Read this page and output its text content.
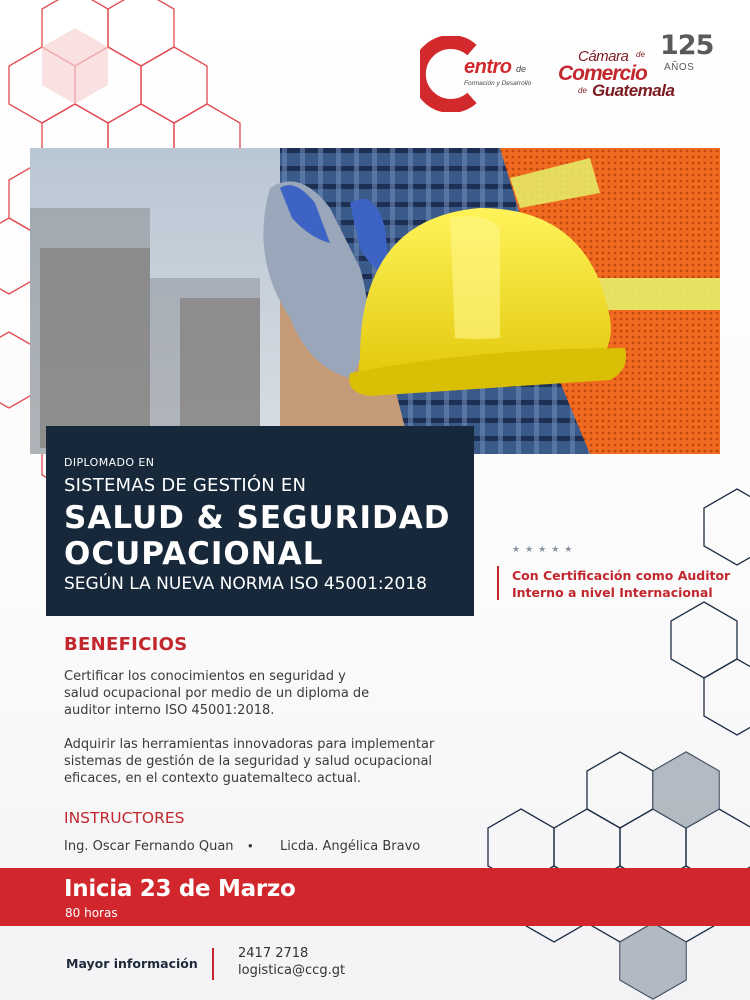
entro de
Formación y Desarrollo
Cámara de
Comercio
de Guatemala
125
AÑOS
DIPLOMADO EN
SISTEMAS DE GESTIÓN EN
SALUD & SEGURIDAD
OCUPACIONAL
SEGÚN LA NUEVA NORMA ISO 45001:2018
★★★★★
Con Certificación como Auditor
Interno a nivel Internacional
BENEFICIOS
Certificar los conocimientos en seguridad y
salud ocupacional por medio de un diploma de
auditor interno ISO 45001:2018.
Adquirir las herramientas innovadoras para implementar
sistemas de gestión de la seguridad y salud ocupacional
eficaces, en el contexto guatemalteco actual.
INSTRUCTORES
Ing. Oscar Fernando Quan • Licda. Angélica Bravo
Inicia 23 de Marzo
80 horas
Mayor información
2417 2718
logistica@ccg.gt
